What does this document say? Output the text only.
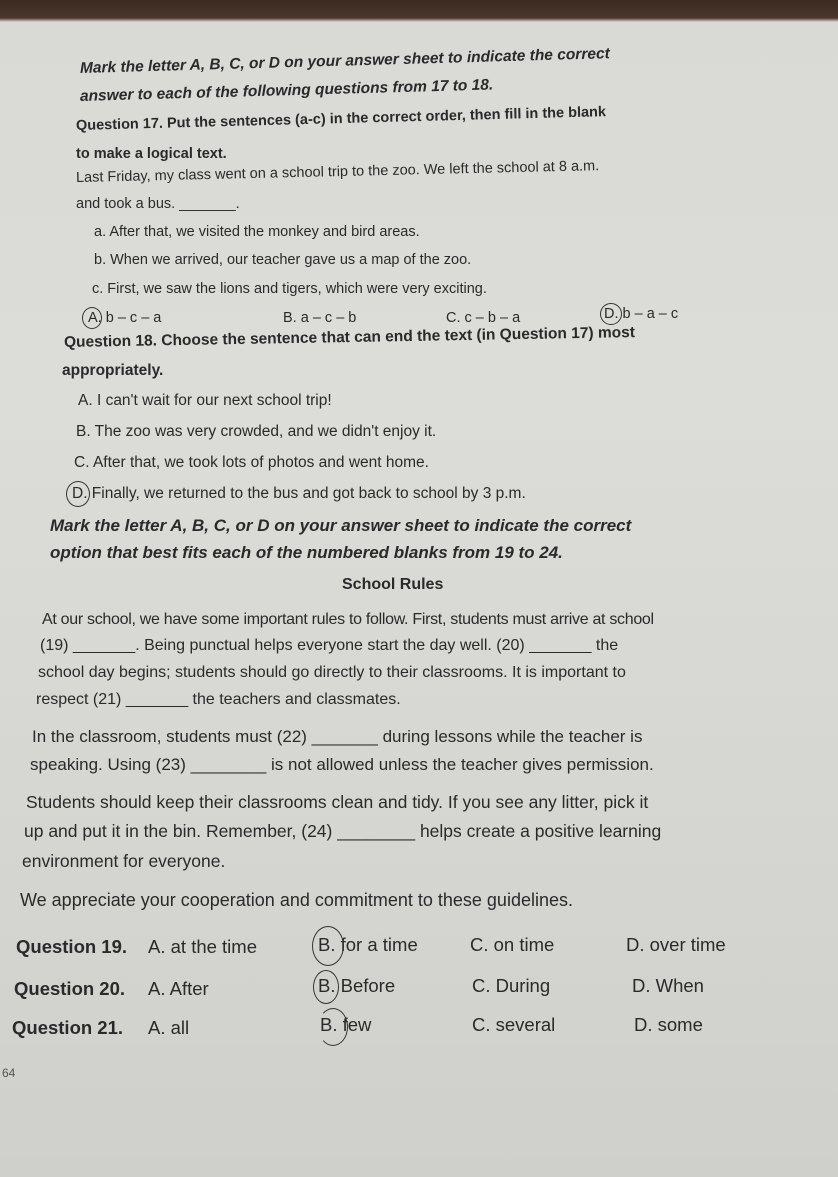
Mark the letter A, B, C, or D on your answer sheet to indicate the correct
answer to each of the following questions from 17 to 18.
Question 17. Put the sentences (a-c) in the correct order, then fill in the blank
to make a logical text.
Last Friday, my class went on a school trip to the zoo. We left the school at 8 a.m.
and took a bus. _______.
a. After that, we visited the monkey and bird areas.
b. When we arrived, our teacher gave us a map of the zoo.
c. First, we saw the lions and tigers, which were very exciting.
A. b – c – a	B. a – c – b	C. c – b – a	D. b – a – c
Question 18. Choose the sentence that can end the text (in Question 17) most
appropriately.
A. I can't wait for our next school trip!
B. The zoo was very crowded, and we didn't enjoy it.
C. After that, we took lots of photos and went home.
D. Finally, we returned to the bus and got back to school by 3 p.m.
Mark the letter A, B, C, or D on your answer sheet to indicate the correct
option that best fits each of the numbered blanks from 19 to 24.
School Rules
At our school, we have some important rules to follow. First, students must arrive at school
(19) _______. Being punctual helps everyone start the day well. (20) _______ the
school day begins; students should go directly to their classrooms. It is important to
respect (21) _______ the teachers and classmates.
In the classroom, students must (22) _______ during lessons while the teacher is
speaking. Using (23) ________ is not allowed unless the teacher gives permission.
Students should keep their classrooms clean and tidy. If you see any litter, pick it
up and put it in the bin. Remember, (24) ________ helps create a positive learning
environment for everyone.
We appreciate your cooperation and commitment to these guidelines.
Question 19. A. at the time	B. for a time	C. on time	D. over time
Question 20. A. After	B. Before	C. During	D. When
Question 21. A. all	B. few	C. several	D. some
64
